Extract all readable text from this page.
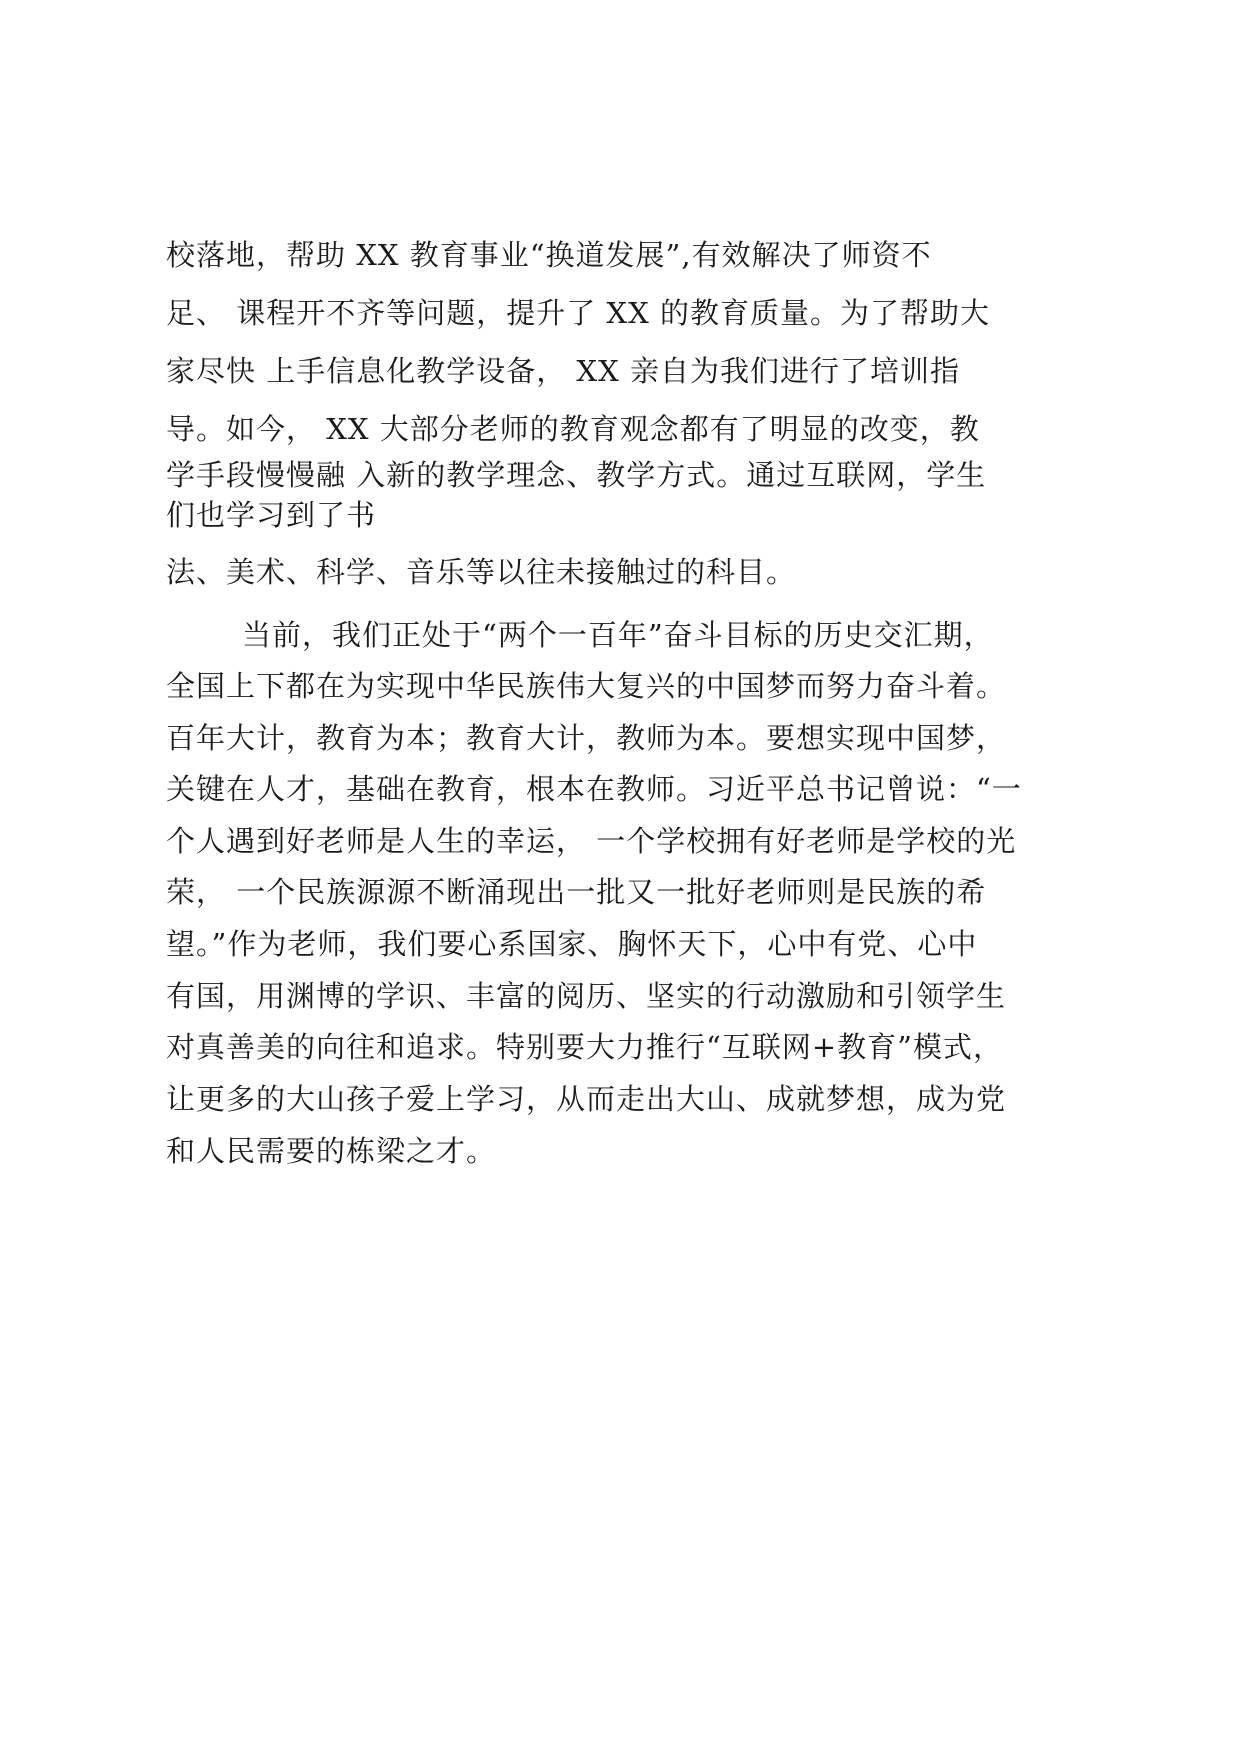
校落地，帮助 XX 教育事业“换道发展”,有效解决了师资不
足、 课程开不齐等问题，提升了 XX 的教育质量。为了帮助大
家尽快 上手信息化教学设备， XX 亲自为我们进行了培训指
导。如今， XX 大部分老师的教育观念都有了明显的改变，教
学手段慢慢融 入新的教学理念、教学方式。通过互联网，学生
们也学习到了书
法、美术、科学、音乐等以往未接触过的科目。
当前，我们正处于“两个一百年”奋斗目标的历史交汇期，
全国上下都在为实现中华民族伟大复兴的中国梦而努力奋斗着。
百年大计，教育为本；教育大计，教师为本。要想实现中国梦，
关键在人才，基础在教育，根本在教师。习近平总书记曾说：“一
个人遇到好老师是人生的幸运， 一个学校拥有好老师是学校的光
荣， 一个民族源源不断涌现出一批又一批好老师则是民族的希
望。”作为老师，我们要心系国家、胸怀天下，心中有党、心中
有国，用渊博的学识、丰富的阅历、坚实的行动激励和引领学生
对真善美的向往和追求。特别要大力推行“互联网+教育”模式，
让更多的大山孩子爱上学习，从而走出大山、成就梦想，成为党
和人民需要的栋梁之才。
